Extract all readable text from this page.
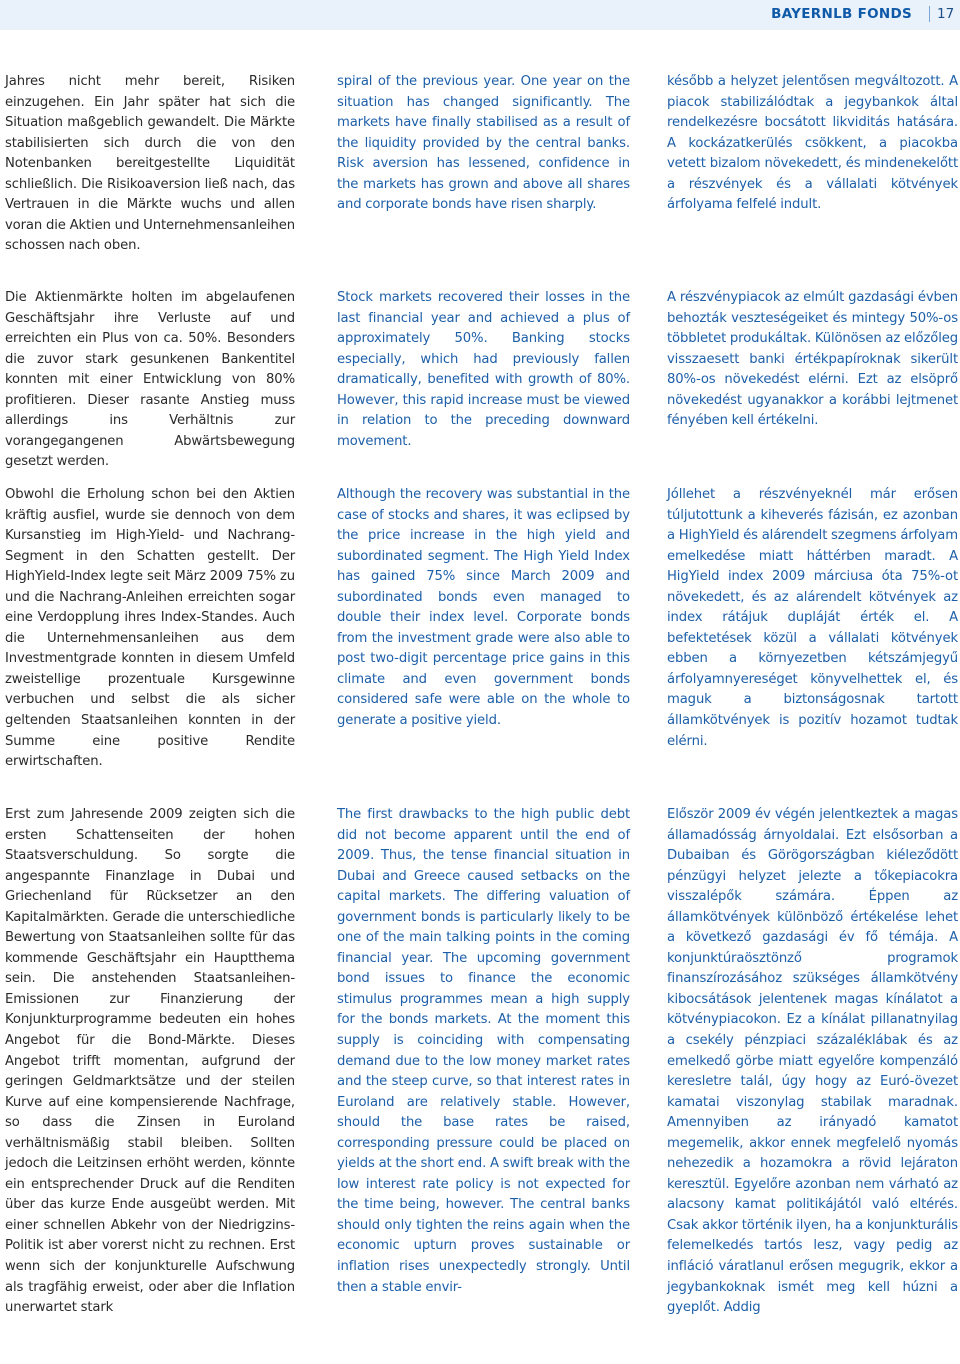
BAYERNLB FONDS 17

Jahres nicht mehr bereit, Risiken einzugehen. Ein Jahr später hat sich die Situation maßgeblich gewandelt. Die Märkte stabilisierten sich durch die von den Notenbanken bereitgestellte Liquidität schließlich. Die Risikoaversion ließ nach, das Vertrauen in die Märkte wuchs und allen voran die Aktien und Unternehmensanleihen schossen nach oben.

Die Aktienmärkte holten im abgelaufenen Geschäftsjahr ihre Verluste auf und erreichten ein Plus von ca. 50%. Besonders die zuvor stark gesunkenen Bankentitel konnten mit einer Entwicklung von 80% profitieren. Dieser rasante Anstieg muss allerdings ins Verhältnis zur vorangegangenen Abwärtsbewegung gesetzt werden.

Obwohl die Erholung schon bei den Aktien kräftig ausfiel, wurde sie dennoch von dem Kursanstieg im High-Yield- und Nachrang-Segment in den Schatten gestellt. Der HighYield-Index legte seit März 2009 75% zu und die Nachrang-Anleihen erreichten sogar eine Verdopplung ihres Index-Standes. Auch die Unternehmensanleihen aus dem Investmentgrade konnten in diesem Umfeld zweistellige prozentuale Kursgewinne verbuchen und selbst die als sicher geltenden Staatsanleihen konnten in der Summe eine positive Rendite erwirtschaften.

Erst zum Jahresende 2009 zeigten sich die ersten Schattenseiten der hohen Staatsverschuldung. So sorgte die angespannte Finanzlage in Dubai und Griechenland für Rücksetzer an den Kapitalmärkten. Gerade die unterschiedliche Bewertung von Staatsanleihen sollte für das kommende Geschäftsjahr ein Hauptthema sein. Die anstehenden Staatsanleihen-Emissionen zur Finanzierung der Konjunkturprogramme bedeuten ein hohes Angebot für die Bond-Märkte. Dieses Angebot trifft momentan, aufgrund der geringen Geldmarktsätze und der steilen Kurve auf eine kompensierende Nachfrage, so dass die Zinsen in Euroland verhältnismäßig stabil bleiben. Sollten jedoch die Leitzinsen erhöht werden, könnte ein entsprechender Druck auf die Renditen über das kurze Ende ausgeübt werden. Mit einer schnellen Abkehr von der Niedrigzins-Politik ist aber vorerst nicht zu rechnen. Erst wenn sich der konjunkturelle Aufschwung als tragfähig erweist, oder aber die Inflation unerwartet stark

spiral of the previous year. One year on the situation has changed significantly. The markets have finally stabilised as a result of the liquidity provided by the central banks. Risk aversion has lessened, confidence in the markets has grown and above all shares and corporate bonds have risen sharply.

Stock markets recovered their losses in the last financial year and achieved a plus of approximately 50%. Banking stocks especially, which had previously fallen dramatically, benefited with growth of 80%. However, this rapid increase must be viewed in relation to the preceding downward movement.

Although the recovery was substantial in the case of stocks and shares, it was eclipsed by the price increase in the high yield and subordinated segment. The High Yield Index has gained 75% since March 2009 and subordinated bonds even managed to double their index level. Corporate bonds from the investment grade were also able to post two-digit percentage price gains in this climate and even government bonds considered safe were able on the whole to generate a positive yield.

The first drawbacks to the high public debt did not become apparent until the end of 2009. Thus, the tense financial situation in Dubai and Greece caused setbacks on the capital markets. The differing valuation of government bonds is particularly likely to be one of the main talking points in the coming financial year. The upcoming government bond issues to finance the economic stimulus programmes mean a high supply for the bonds markets. At the moment this supply is coinciding with compensating demand due to the low money market rates and the steep curve, so that interest rates in Euroland are relatively stable. However, should the base rates be raised, corresponding pressure could be placed on yields at the short end. A swift break with the low interest rate policy is not expected for the time being, however. The central banks should only tighten the reins again when the economic upturn proves sustainable or inflation rises unexpectedly strongly. Until then a stable envir-

később a helyzet jelentősen megváltozott. A piacok stabilizálódtak a jegybankok által rendelkezésre bocsátott likviditás hatására. A kockázatkerülés csökkent, a piacokba vetett bizalom növekedett, és mindenekelőtt a részvények és a vállalati kötvények árfolyama felfelé indult.

A részvénypiacok az elmúlt gazdasági évben behozták veszteségeiket és mintegy 50%-os többletet produkáltak. Különösen az előzőleg visszaesett banki értékpapíroknak sikerült 80%-os növekedést elérni. Ezt az elsöprő növekedést ugyanakkor a korábbi lejtmenet fényében kell értékelni.

Jóllehet a részvényeknél már erősen túljutottunk a kiheverés fázisán, ez azonban a HighYield és alárendelt szegmens árfolyam emelkedése miatt háttérben maradt. A HigYield index 2009 márciusa óta 75%-ot növekedett, és az alárendelt kötvények az index rátájuk dupláját érték el. A befektetések közül a vállalati kötvények ebben a környezetben kétszámjegyű árfolyamnyereséget könyvelhettek el, és maguk a biztonságosnak tartott államkötvények is pozitív hozamot tudtak elérni.

Először 2009 év végén jelentkeztek a magas államadósság árnyoldalai. Ezt elsősorban a Dubaiban és Görögországban kiéleződött pénzügyi helyzet jelezte a tőkepiacokra visszalépők számára. Éppen az államkötvények különböző értékelése lehet a következő gazdasági év fő témája. A konjunktúraösztönző programok finanszírozásához szükséges államkötvény kibocsátások jelentenek magas kínálatot a kötvénypiacokon. Ez a kínálat pillanatnyilag a csekély pénzpiaci százaléklábak és az emelkedő görbe miatt egyelőre kompenzáló keresletre talál, úgy hogy az Euró-övezet kamatai viszonylag stabilak maradnak. Amennyiben az irányadó kamatot megemelik, akkor ennek megfelelő nyomás nehezedik a hozamokra a rövid lejáraton keresztül. Egyelőre azonban nem várható az alacsony kamat politikájától való eltérés. Csak akkor történik ilyen, ha a konjunkturális felemelkedés tartós lesz, vagy pedig az infláció váratlanul erősen megugrik, ekkor a jegybankoknak ismét meg kell húzni a gyeplőt. Addig
